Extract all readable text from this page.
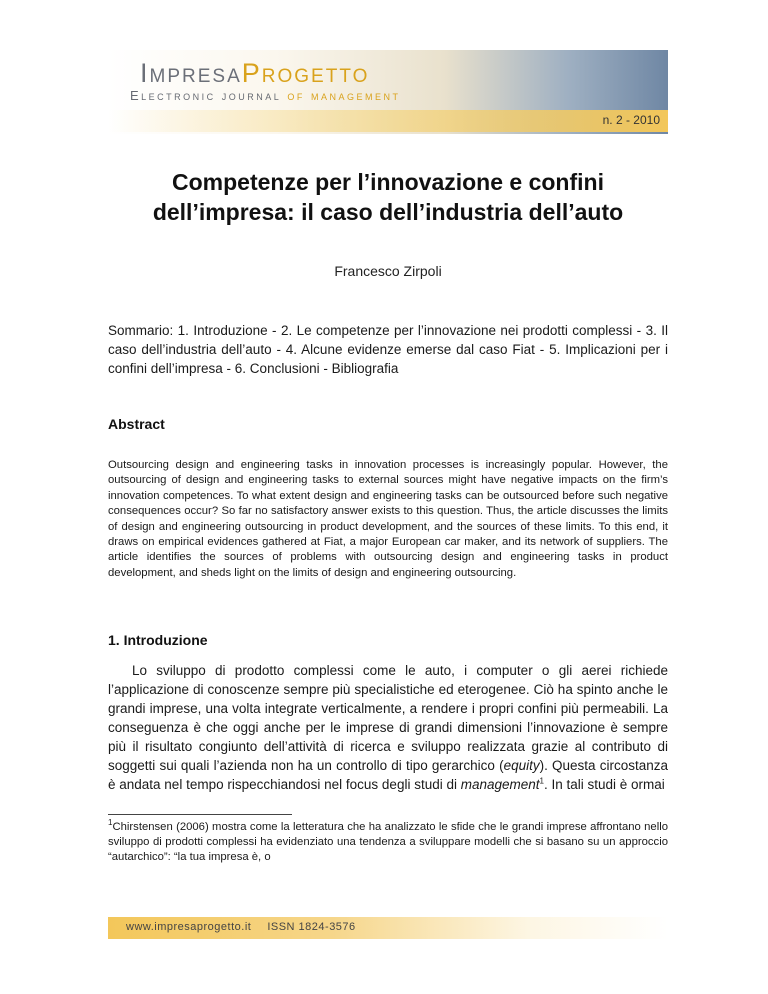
ImpresaProgetto
Electronic journal of management
n. 2 - 2010
Competenze per l’innovazione e confini
dell’impresa: il caso dell’industria dell’auto
Francesco Zirpoli
Sommario: 1. Introduzione - 2. Le competenze per l’innovazione nei prodotti complessi - 3. Il caso dell’industria dell’auto - 4. Alcune evidenze emerse dal caso Fiat - 5. Implicazioni per i confini dell’impresa - 6. Conclusioni - Bibliografia
Abstract
Outsourcing design and engineering tasks in innovation processes is increasingly popular. However, the outsourcing of design and engineering tasks to external sources might have negative impacts on the firm’s innovation competences. To what extent design and engineering tasks can be outsourced before such negative consequences occur? So far no satisfactory answer exists to this question. Thus, the article discusses the limits of design and engineering outsourcing in product development, and the sources of these limits. To this end, it draws on empirical evidences gathered at Fiat, a major European car maker, and its network of suppliers. The article identifies the sources of problems with outsourcing design and engineering tasks in product development, and sheds light on the limits of design and engineering outsourcing.
1. Introduzione
Lo sviluppo di prodotto complessi come le auto, i computer o gli aerei richiede l’applicazione di conoscenze sempre più specialistiche ed eterogenee. Ciò ha spinto anche le grandi imprese, una volta integrate verticalmente, a rendere i propri confini più permeabili. La conseguenza è che oggi anche per le imprese di grandi dimensioni l’innovazione è sempre più il risultato congiunto dell’attività di ricerca e sviluppo realizzata grazie al contributo di soggetti sui quali l’azienda non ha un controllo di tipo gerarchico (equity). Questa circostanza è andata nel tempo rispecchiandosi nel focus degli studi di management$^1$. In tali studi è ormai
$^1$Chirstensen (2006) mostra come la letteratura che ha analizzato le sfide che le grandi imprese affrontano nello sviluppo di prodotti complessi ha evidenziato una tendenza a sviluppare modelli che si basano su un approccio “autarchico”: “la tua impresa è, o
www.impresaprogetto.it ISSN 1824-3576
